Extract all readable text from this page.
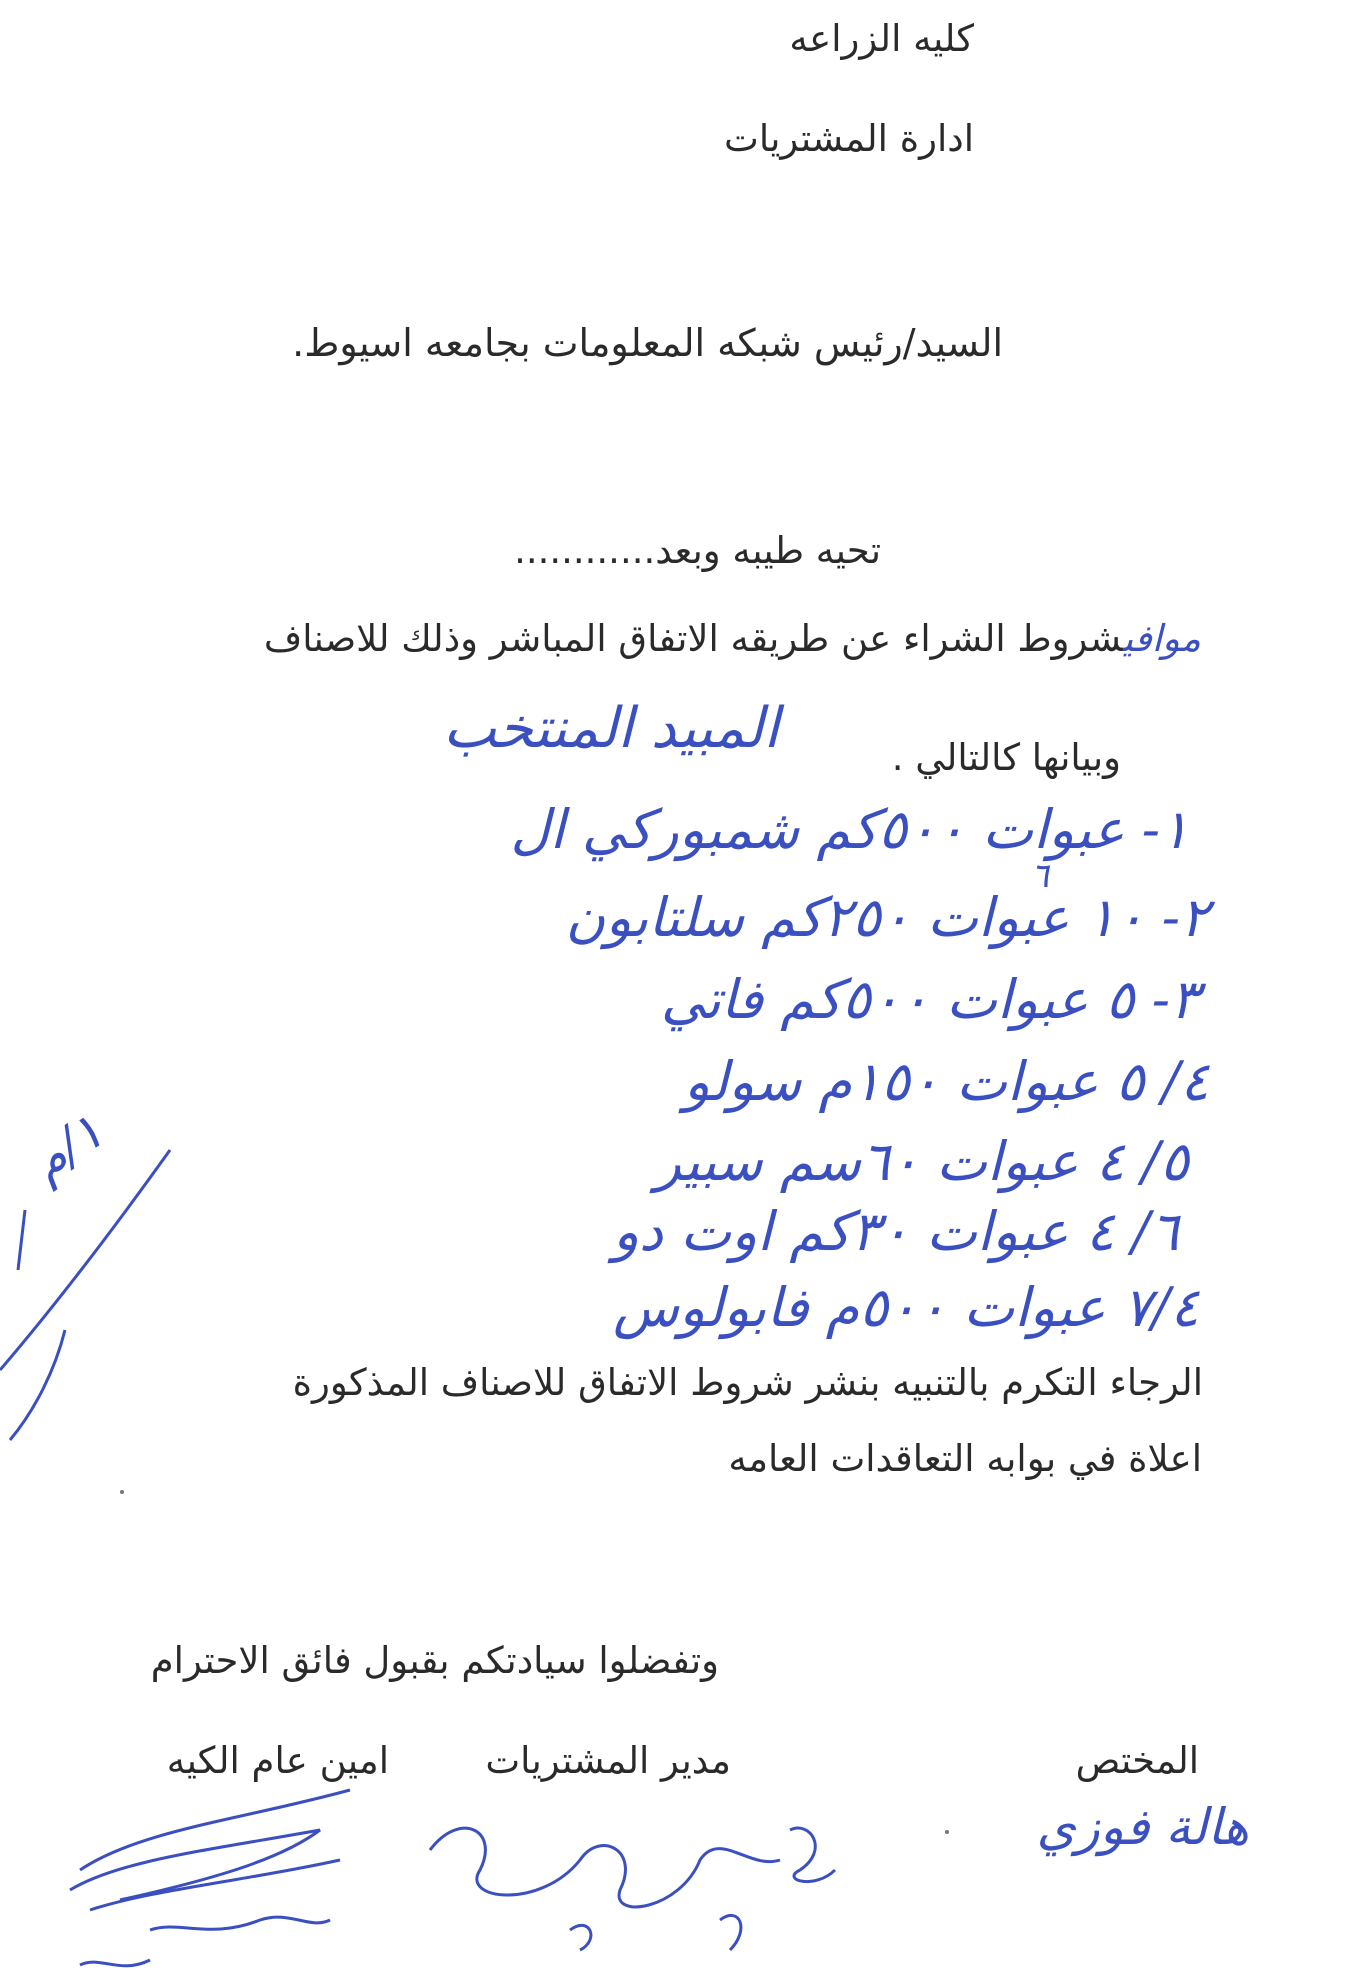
كليه الزراعه
ادارة المشتريات
السيد/رئيس شبكه المعلومات بجامعه اسيوط.
تحيه طيبه وبعد............
موافيشروط الشراء عن طريقه الاتفاق المباشر وذلك للاصناف
المبيد المنتخب	وبيانها كالتالي .
١- عبوات ٥٠٠كم شمبوركي ال
٦
٢- ١٠ عبوات ٢٥٠كم سلتابون
٣- ٥ عبوات ٥٠٠كم فاتي
٤/ ٥ عبوات ١٥٠م سولو
٥/ ٤ عبوات ٦٠سم سبير
٦/ ٤ عبوات ٣٠كم اوت دو
٧/٤ عبوات ٥٠٠م فابولوس
الرجاء التكرم بالتنبيه بنشر شروط الاتفاق للاصناف المذكورة
اعلاة في بوابه التعاقدات العامه
وتفضلوا سيادتكم بقبول فائق الاحترام
المختص
مدير المشتريات
امين عام الكيه
هالة فوزي
١/م
